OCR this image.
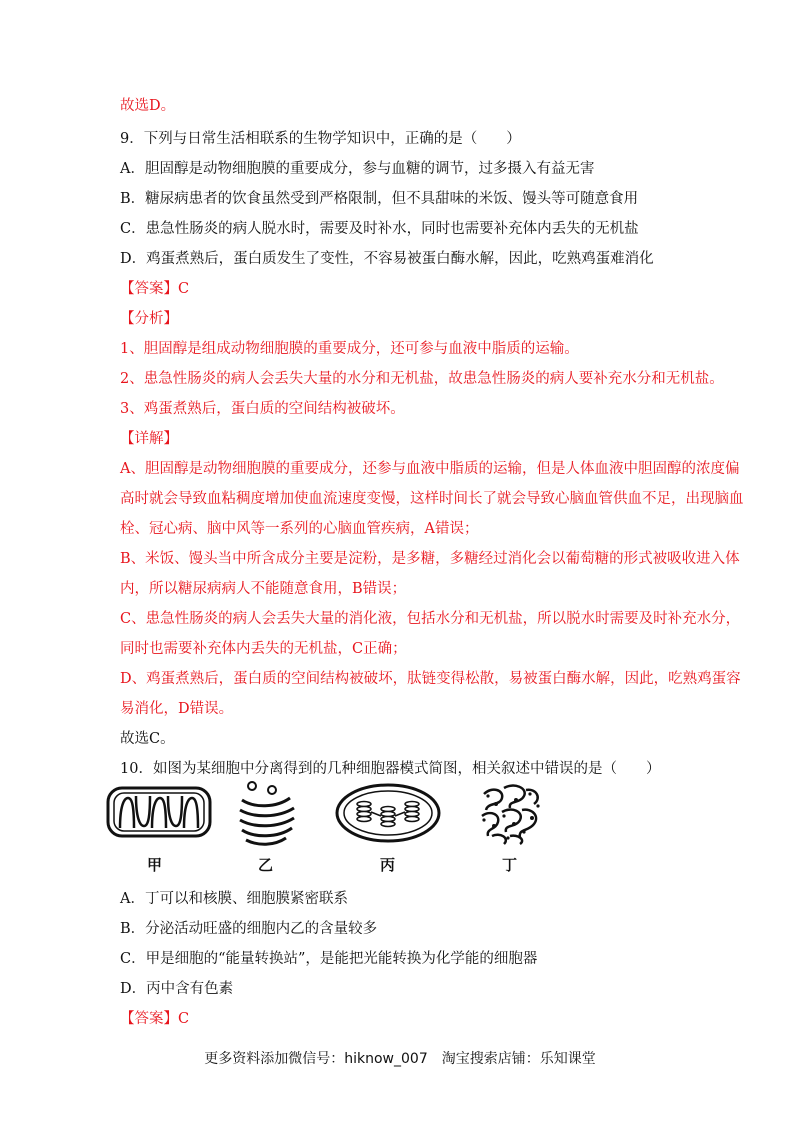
故选D。
9．下列与日常生活相联系的生物学知识中，正确的是（　　）
A．胆固醇是动物细胞膜的重要成分，参与血糖的调节，过多摄入有益无害
B．糖尿病患者的饮食虽然受到严格限制，但不具甜味的米饭、馒头等可随意食用
C．患急性肠炎的病人脱水时，需要及时补水，同时也需要补充体内丢失的无机盐
D．鸡蛋煮熟后，蛋白质发生了变性，不容易被蛋白酶水解，因此，吃熟鸡蛋难消化
【答案】C
【分析】
1、胆固醇是组成动物细胞膜的重要成分，还可参与血液中脂质的运输。
2、患急性肠炎的病人会丢失大量的水分和无机盐，故患急性肠炎的病人要补充水分和无机盐。
3、鸡蛋煮熟后，蛋白质的空间结构被破坏。
【详解】
A、胆固醇是动物细胞膜的重要成分，还参与血液中脂质的运输，但是人体血液中胆固醇的浓度偏
高时就会导致血粘稠度增加使血流速度变慢，这样时间长了就会导致心脑血管供血不足，出现脑血
栓、冠心病、脑中风等一系列的心脑血管疾病，A错误；
B、米饭、馒头当中所含成分主要是淀粉，是多糖，多糖经过消化会以葡萄糖的形式被吸收进入体
内，所以糖尿病病人不能随意食用，B错误；
C、患急性肠炎的病人会丢失大量的消化液，包括水分和无机盐，所以脱水时需要及时补充水分，
同时也需要补充体内丢失的无机盐，C正确；
D、鸡蛋煮熟后，蛋白质的空间结构被破坏，肽链变得松散，易被蛋白酶水解，因此，吃熟鸡蛋容
易消化，D错误。
故选C。
10．如图为某细胞中分离得到的几种细胞器模式简图，相关叙述中错误的是（　　）
甲	乙	丙	丁
A．丁可以和核膜、细胞膜紧密联系
B．分泌活动旺盛的细胞内乙的含量较多
C．甲是细胞的“能量转换站”，是能把光能转换为化学能的细胞器
D．丙中含有色素
【答案】C
更多资料添加微信号：hiknow_007　淘宝搜索店铺：乐知课堂
